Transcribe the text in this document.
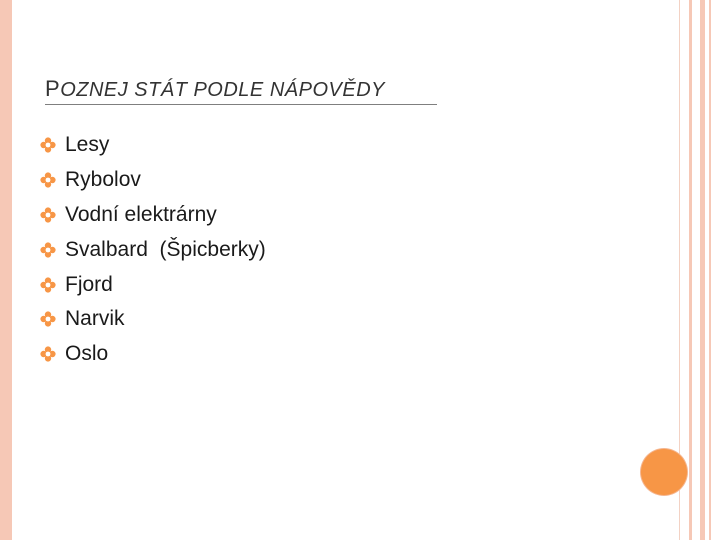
POZNEJ STÁT PODLE NÁPOVĚDY
Lesy
Rybolov
Vodní elektrárny
Svalbard  (Špicberky)
Fjord
Narvik
Oslo
